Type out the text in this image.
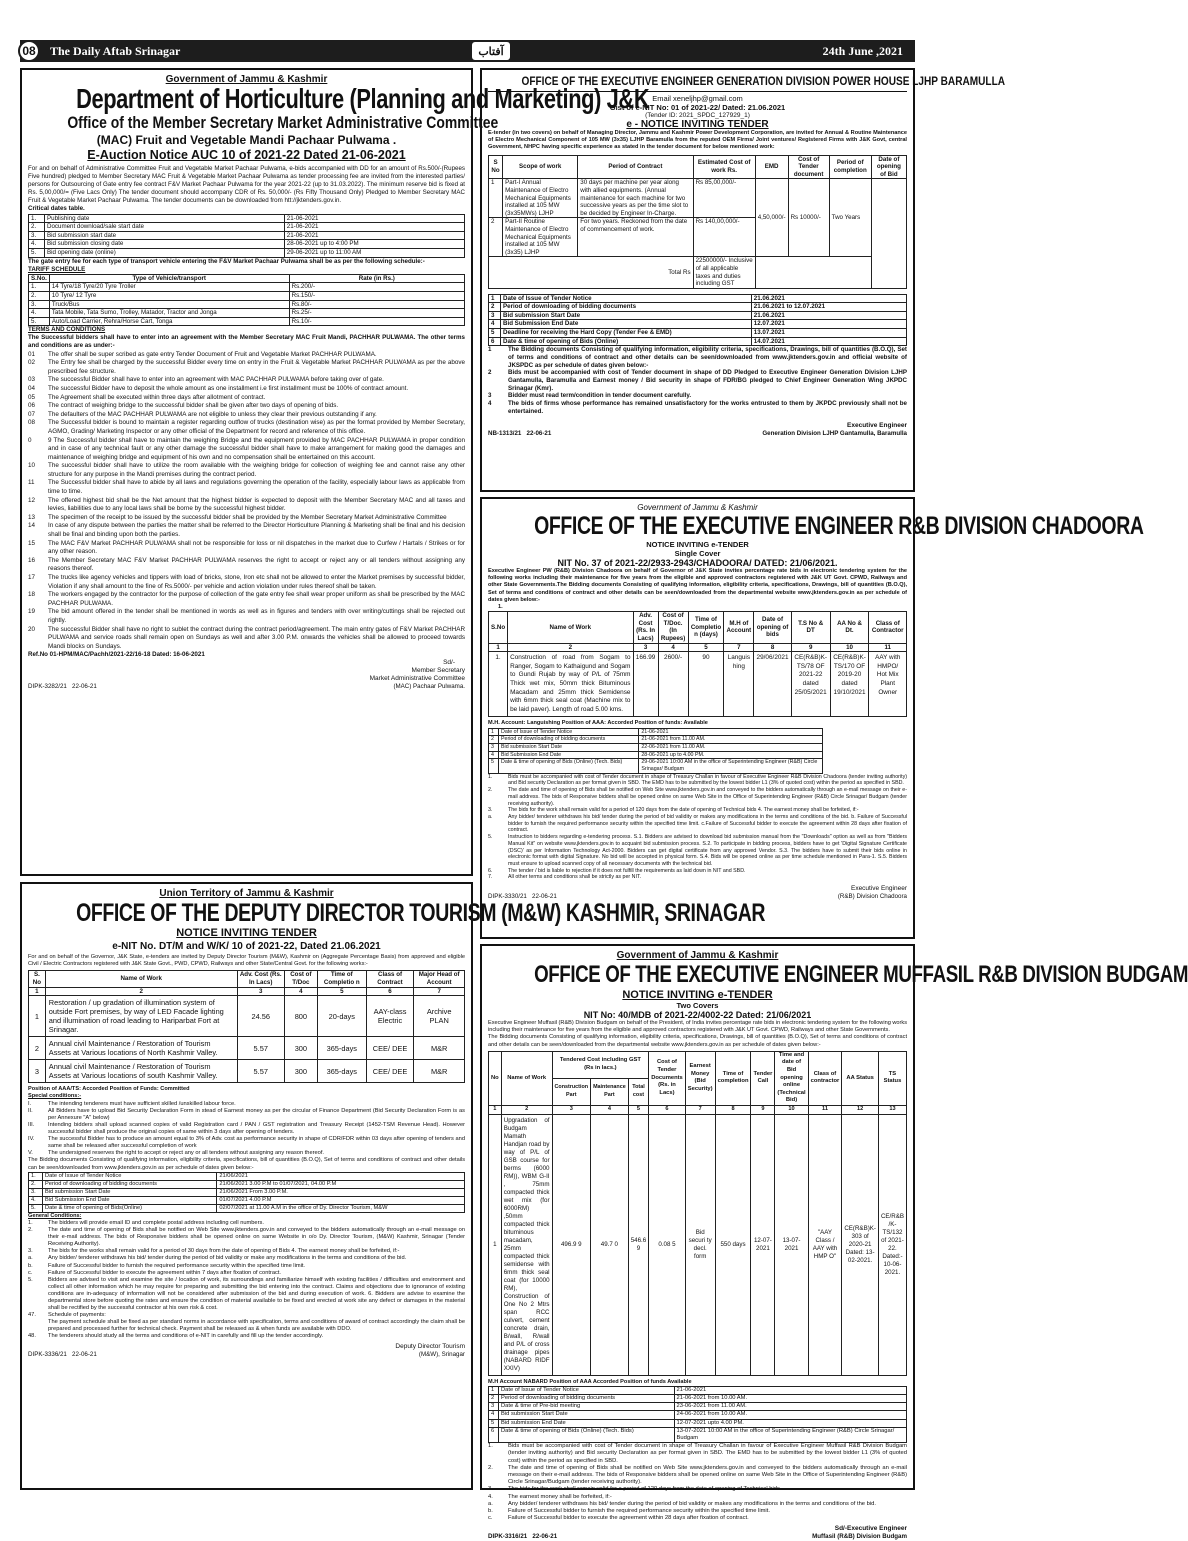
08	The Daily Aftab Srinagar	آفتاب	24th June ,2021
Government of Jammu & Kashmir
Department of Horticulture (Planning and Marketing) J&K
Office of the Member Secretary Market Administrative Committee
(MAC) Fruit and Vegetable Mandi Pachaar Pulwama .
E-Auction Notice AUC 10 of 2021-22 Dated 21-06-2021
For and on behalf of Administrative Committee Fruit and Vegetable Market Pachaar Pulwama, e-bids accompanied with DD for an amount of Rs.500/-(Rupees Five hundred) pledged to Member Secretary MAC Fruit & Vegetable Market Pachaar Pulwama as tender processing fee are invited from the interested parties/ persons for Outsourcing of Gate entry fee contract F&V Market Pachaar Pulwama for the year 2021-22 (up to 31.03.2022). The minimum reserve bid is fixed at Rs. 5,00,000/= (Five Lacs Only) The tender document should accompany CDR of Rs. 50,000/- (Rs Fifty Thousand Only) Pledged to Member Secretary MAC Fruit & Vegetable Market Pachaar Pulwama. The tender documents can be downloaded from htt://jktenders.gov.in.
Critical dates table.
1.	Publishing date	21-06-2021
2.	Document download/sale start date	21-06-2021
3.	Bid submission start date	21-06-2021
4.	Bid submission closing date	28-06-2021 up to 4:00 PM
5.	Bid opening date (online)	29-06-2021 up to 11:00 AM
The gate entry fee for each type of transport vehicle entering the F&V Market Pachaar Pulwama shall be as per the following schedule:-
TARIFF SCHEDULE
S.No.	Type of Vehicle/transport	Rate (in Rs.)
1.	14 Tyre/18 Tyre/20 Tyre Troller	Rs.200/-
2.	10 Tyre/ 12 Tyre	Rs.150/-
3.	Truck/Bus	Rs.80/-
4.	Tata Mobile, Tata Sumo, Trolley, Matador, Tractor and Jonga	Rs.25/-
5.	Auto/Load Carrier, Rehra/Horse Cart, Tonga	Rs.10/-
TERMS AND CONDITIONS
The Successful bidders shall have to enter into an agreement with the Member Secretary MAC Fruit Mandi, PACHHAR PULWAMA. The other terms and conditions are as under:-
01	The offer shall be super scribed as gate entry Tender Document of Fruit and Vegetable Market PACHHAR PULWAMA.
02	The Entry fee shall be charged by the successful Bidder every time on entry in the Fruit & Vegetable Market PACHHAR PULWAMA as per the above prescribed fee structure.
03	The successful Bidder shall have to enter into an agreement with MAC PACHHAR PULWAMA before taking over of gate.
04	The successful Bidder have to deposit the whole amount as one installment i.e first installment must be 100% of contract amount.
05	The Agreement shall be executed within three days after allotment of contract.
06	The contract of weighing bridge to the successful bidder shall be given after two days of opening of bids.
07	The defaulters of the MAC PACHHAR PULWAMA are not eligible to unless they clear their previous outstanding if any.
08	The Successful bidder is bound to maintain a register regarding outflow of trucks (destination wise) as per the format provided by Member Secretary, AGMO, Grading/ Marketing Inspector or any other official of the Department for record and reference of this office.
0	9 The Successful bidder shall have to maintain the weighing Bridge and the equipment provided by MAC PACHHAR PULWAMA in proper condition and in case of any technical fault or any other damage the successful bidder shall have to make arrangement for making good the damages and maintenance of weighing bridge and equipment of his own and no compensation shall be entertained on this account.
10	The successful bidder shall have to utilize the room available with the weighing bridge for collection of weighing fee and cannot raise any other structure for any purpose in the Mandi premises during the contract period.
11	The Successful bidder shall have to abide by all laws and regulations governing the operation of the facility, especially labour laws as applicable from time to time.
12	The offered highest bid shall be the Net amount that the highest bidder is expected to deposit with the Member Secretary MAC and all taxes and levies, liabilities due to any local laws shall be borne by the successful highest bidder.
13	The specimen of the receipt to be issued by the successful bidder shall be provided by the Member Secretary Market Administrative Committee
14	In case of any dispute between the parties the matter shall be referred to the Director Horticulture Planning & Marketing shall be final and his decision shall be final and binding upon both the parties.
15	The MAC F&V Market PACHHAR PULWAMA shall not be responsible for loss or nil dispatches in the market due to Curfew / Hartals / Strikes or for any other reason.
16	The Member Secretary MAC F&V Market PACHHAR PULWAMA reserves the right to accept or reject any or all tenders without assigning any reasons thereof.
17	The trucks like agency vehicles and tippers with load of bricks, stone, Iron etc shall not be allowed to enter the Market premises by successful bidder, Violation if any shall amount to the fine of Rs.5000/- per vehicle and action violation under rules thereof shall be taken.
18	The workers engaged by the contractor for the purpose of collection of the gate entry fee shall wear proper uniform as shall be prescribed by the MAC PACHHAR PULWAMA.
19	The bid amount offered in the tender shall be mentioned in words as well as in figures and tenders with over writing/cuttings shall be rejected out rightly.
20	The successful Bidder shall have no right to sublet the contract during the contract period/agreement. The main entry gates of F&V Market PACHHAR PULWAMA and service roads shall remain open on Sundays as well and after 3.00 P.M. onwards the vehicles shall be allowed to proceed towards Mandi blocks on Sundays.
Ref.No 01-HPM/MAC/Pachh/2021-22/16-18 Dated: 16-06-2021
Sd/-
Member Secretary
Market Administrative Committee
DIPK-3282/21 22-06-21	(MAC) Pachaar Pulwama.
Union Territory of Jammu & Kashmir
OFFICE OF THE DEPUTY DIRECTOR TOURISM (M&W) KASHMIR, SRINAGAR
NOTICE INVITING TENDER
e-NIT No. DT/M and W/K/ 10 of 2021-22, Dated 21.06.2021
For and on behalf of the Governor, J&K State, e-tenders are invited by Deputy Director Tourism (M&W), Kashmir on (Aggregate Percentage Basis) from approved and eligible Civil / Electric Contractors registered with J&K State Govt., PWD, CPWD, Railways and other State/Central Govt. for the following works:-
S. No	Name of Work	Adv. Cost (Rs. In Lacs)	Cost of T/Doc	Time of Completio n	Class of Contract	Major Head of Account
1	2	3	4	5	6	7
1	Restoration / up gradation of illumination system of outside Fort premises, by way of LED Facade lighting and illumination of road leading to Hariparbat Fort at Srinagar.	24.56	800	20-days	AAY-class Electric	Archive PLAN
2	Annual civil Maintenance / Restoration of Tourism Assets at Various locations of North Kashmir Valley.	5.57	300	365-days	CEE/ DEE	M&R
3	Annual civil Maintenance / Restoration of Tourism Assets at Various locations of south Kashmir Valley.	5.57	300	365-days	CEE/ DEE	M&R
Position of AAA/TS: Accorded Position of Funds: Committed
Special conditions:-
I.	The intending tenderers must have sufficient skilled /unskilled labour force.
II.	All Bidders have to upload Bid Security Declaration Form in stead of Earnest money as per the circular of Finance Department (Bid Security Declaration Form is as per Annexure "A" below)
III.	Intending bidders shall upload scanned copies of valid Registration card / PAN / GST registration and Treasury Receipt (1452-TSM Revenue Head). However successful bidder shall produce the original copies of same within 3 days after opening of tenders.
IV.	The successful Bidder has to produce an amount equal to 3% of Adv. cost as performance security in shape of CDR/FDR within 03 days after opening of tenders and same shall be released after successful completion of work
V.	The undersigned reserves the right to accept or reject any or all tenders without assigning any reason thereof.
The Bidding documents Consisting of qualifying information, eligibility criteria, specifications, bill of quantities (B.O.Q), Set of terms and conditions of contract and other details can be seen/downloaded from www.jktenders.gov.in as per schedule of dates given below:-
1.	Date of Issue of Tender Notice	21/06/2021
2.	Period of downloading of bidding documents	21/06/2021 3.00 P.M to 01/07/2021, 04.00 P.M
3.	Bid submission Start Date	21/06/2021 From 3.00 P.M.
4.	Bid Submission End Date	01/07/2021 4.00 P.M
5.	Date & time of opening of Bids(Online)	02/07/2021 at 11.00 A.M in the office of Dy. Director Tourism, M&W
General Conditions:
1.	The bidders will provide email ID and complete postal address including cell numbers.
2.	The date and time of opening of Bids shall be notified on Web Site www.jktenders.gov.in and conveyed to the bidders automatically through an e-mail message on their e-mail address. The bids of Responsive bidders shall be opened online on same Website in o/o Dy. Director Tourism, (M&W) Kashmir, Srinagar (Tender Receiving Authority).
3.	The bids for the works shall remain valid for a period of 30 days from the date of opening of Bids 4. The earnest money shall be forfeited, if:-
a.	Any bidder/ tenderer withdraws his bid/ tender during the period of bid validity or make any modifications in the terms and conditions of the bid.
b.	Failure of Successful bidder to furnish the required performance security within the specified time limit.
c.	Failure of Successful bidder to execute the agreement within 7 days after fixation of contract.
5.	Bidders are advised to visit and examine the site / location of work, its surroundings and familiarize himself with existing facilities / difficulties and environment and collect all other information which he may require for preparing and submitting the bid entering into the contract. Claims and objections due to ignorance of existing conditions are in-adequacy of information will not be considered after submission of the bid and during execution of work. 6. Bidders are advise to examine the departmental store before quoting the rates and ensure the condition of material available to be fixed and erected at work site any defect or damages in the material shall be rectified by the successful contractor at his own risk & cost.
47.	Schedule of payments:
The payment schedule shall be fixed as per standard norms in accordance with specification, terms and conditions of award of contract accordingly the claim shall be prepared and processed further for technical check. Payment shall be released as & when funds are available with DDO.
48.	The tenderers should study all the terms and conditions of e-NIT in carefully and fill up the tender accordingly.
Deputy Director Tourism
DIPK-3336/21 22-06-21	(M&W), Srinagar
OFFICE OF THE EXECUTIVE ENGINEER GENERATION DIVISION POWER HOUSE LJHP BARAMULLA
Email xeneljhp@gmail.com
Gist of e-NIT No: 01 of 2021-22/ Dated: 21.06.2021
(Tender ID: 2021_SPDC_127929_1)
e - NOTICE INVITING TENDER
E-tender (in two covers) on behalf of Managing Director, Jammu and Kashmir Power Development Corporation, are invited for Annual & Routine Maintenance of Electro Mechanical Component of 105 MW (3x35) LJHP Baramulla from the reputed OEM Firms/ Joint ventures/ Registered Firms with J&K Govt, central Government, NHPC having specific experience as stated in the tender document for below mentioned work:
S No	Scope of work	Period of Contract	Estimated Cost of work Rs.	EMD	Cost of Tender document	Period of completion	Date of opening of Bid
1	Part-I Annual Maintenance of Electro Mechanical Equipments installed at 105 MW (3x35MWs) LJHP	30 days per machine per year along with allied equipments. (Annual maintenance for each machine for two successive years as per the time slot to be decided by Engineer In-Charge.	Rs 85,00,000/-	4,50,000/-	Rs 10000/-	Two Years	
2	Part-II Routine Maintenance of Electro Mechanical Equipments installed at 105 MW (3x35) LJHP	For two years. Reckoned from the date of commencement of work.	Rs 140,00,000/-				
Total Rs			22500000/- Inclusive of all applicable taxes and duties including GST				
1	Date of Issue of Tender Notice	21.06.2021
2	Period of downloading of bidding documents	21.06.2021 to 12.07.2021
3	Bid submission Start Date	21.06.2021
4	Bid Submission End Date	12.07.2021
5	Deadline for receiving the Hard Copy (Tender Fee & EMD)	13.07.2021
6	Date & time of opening of Bids (Online)	14.07.2021
1	The Bidding documents Consisting of qualifying information, eligibility criteria, specifications, Drawings, bill of quantities (B.O.Q), Set of terms and conditions of contract and other details can be seen/downloaded from www.jktenders.gov.in and official website of JKSPDC as per schedule of dates given below:-
2	Bids must be accompanied with cost of Tender document in shape of DD Pledged to Executive Engineer Generation Division LJHP Gantamulla, Baramulla and Earnest money / Bid security in shape of FDR/BG pledged to Chief Engineer Generation Wing JKPDC Srinagar (Kmr).
3	Bidder must read term/condition in tender document carefully.
4	The bids of firms whose performance has remained unsatisfactory for the works entrusted to them by JKPDC previously shall not be entertained.
Executive Engineer
NB-1313/21 22-06-21	Generation Division LJHP Gantamulla, Baramulla
Government of Jammu & Kashmir
OFFICE OF THE EXECUTIVE ENGINEER R&B DIVISION CHADOORA
NOTICE INVITING e-TENDER
Single Cover
NIT No. 37 of 2021-22/2933-2943/CHADOORA/ DATED: 21/06/2021.
Executive Engineer PW (R&B) Division Chadoora on behalf of Governor of J&K State invites percentage rate bids in electronic tendering system for the following works including their maintenance for five years from the eligible and approved contractors registered with J&K UT Govt. CPWD, Railways and other State Governments.The Bidding documents Consisting of qualifying information, eligibility criteria, specifications, Drawings, bill of quantities (B.O.Q), Set of terms and conditions of contract and other details can be seen/downloaded from the departmental website www.jktenders.gov.in as per schedule of dates given below:-
1.
S.No	Name of Work	Adv. Cost (Rs. In Lacs)	Cost of T/Doc. (In Rupees)	Time of Completio n (days)	M.H of Account	Date of opening of bids	T.S No & DT	AA No & Dt.	Class of Contractor
1	2	3	4	5	7	8	9	10	11
1.	Construction of road from Sogam to Ranger, Sogam to Kathaigund and Sogam to Gundi Rujab by way of P/L of 75mm Thick wet mix, 50mm thick Bituminous Macadam and 25mm thick Semidense with 6mm thick seal coat (Machine mix to be laid paver). Length of road 5.00 kms.	166.99	2600/-	90	Languis hing	29/06/2021	CE(R&B)K-TS/78 OF 2021-22 dated 25/05/2021	CE(R&B)K-TS/170 OF 2019-20 dated 19/10/2021	AAY with HMPO/ Hot Mix Plant Owner
M.H. Account: Languishing Position of AAA: Accorded Position of funds: Available
1	Date of Issue of Tender Notice	21-06-2021
2	Period of downloading of bidding documents	21-06-2021 from 11.00 AM.
3	Bid submission Start Date	22-06-2021 from 11.00 AM.
4	Bid Submission End Date	28-06-2021 up to 4.00 PM.
5	Date & time of opening of Bids (Online) (Tech. Bids)	29-06-2021 10:00 AM in the office of Superintending Engineer (R&B) Circle Srinagar/ Budgam
1.	Bids must be accompanied with cost of Tender document in shape of Treasury Challan in favour of Executive Engineer R&B Division Chadoora (tender inviting authority) and Bid security Declaration as per format given in SBD. The EMD has to be submitted by the lowest bidder L1 (3% of quoted cost) within the period as specified in SBD.
2.	The date and time of opening of Bids shall be notified on Web Site www.jktenders.gov.in and conveyed to the bidders automatically through an e-mail message on their e-mail address. The bids of Responsive bidders shall be opened online on same Web Site in the Office of Superintending Engineer (R&B) Circle Srinagar/ Budgam (tender receiving authority).
3.	The bids for the work shall remain valid for a period of 120 days from the date of opening of Technical bids 4. The earnest money shall be forfeited, if:-
a.	Any bidder/ tenderer withdraws his bid/ tender during the period of bid validity or makes any modifications in the terms and conditions of the bid. b. Failure of Successful bidder to furnish the required performance security within the specified time limit. c.Failure of Successful bidder to execute the agreement within 28 days after fixation of contract.
5.	Instruction to bidders regarding e-tendering process. S.1. Bidders are advised to download bid submission manual from the "Downloads" option as well as from "Bidders Manual Kit" on website www.jktenders.gov.in to acquaint bid submission process. S.2. To participate in bidding process, bidders have to get 'Digital Signature Certificate (DSC)' as per Information Technology Act-2000. Bidders can get digital certificate from any approved Vendor. S.3. The bidders have to submit their bids online in electronic format with digital Signature. No bid will be accepted in physical form. S.4. Bids will be opened online as per time schedule mentioned in Para-1. S.5. Bidders must ensure to upload scanned copy of all necessary documents with the technical bid.
6.	The tender / bid is liable to rejection if it does not fulfill the requirements as laid down in NIT and SBD.
7.	All other terms and conditions shall be strictly as per NIT.
Executive Engineer
DIPK-3330/21 22-06-21	(R&B) Division Chadoora
Government of Jammu & Kashmir
OFFICE OF THE EXECUTIVE ENGINEER MUFFASIL R&B DIVISION BUDGAM
NOTICE INVITING e-TENDER
Two Covers
NIT No: 40/MDB of 2021-22/4002-22 Dated: 21/06/2021
Executive Engineer Muffasil (R&B) Division Budgam on behalf of the President, of India invites percentage rate bids in electronic tendering system for the following works including their maintenance for five years from the eligible and approved contractors registered with J&K UT Govt. CPWD, Railways and other State Governments.
The Bidding documents Consisting of qualifying information, eligibility criteria, specifications, Drawings, bill of quantities (B.O.Q), Set of terms and conditions of contract and other details can be seen/downloaded from the departmental website www.jktenders.gov.in as per schedule of dates given below:-
No	Name of Work	Tendered Cost including GST (Rs in lacs.)			Cost of Tender Documents (Rs. in Lacs)	Earnest Money (Bid Security)	Time of completion	Tender Call	Time and date of Bid opening online (Technical Bid)	Class of contractor	AA Status	TS Status
		Construction Part	Maintenance Part	Total cost								
1	2	3	4	5	6	7	8	9	10	11	12	13
1	Upgradation of Budgam Mamath Handjan road by way of P/L of GSB course for berms (6000 RM)), WBM G-II , 75mm compacted thick wet mix (for 6000RM) ,50mm compacted thick bituminous macadam, 25mm compacted thick semidense with 6mm thick seal coat (for 10000 RM), Construction of One No 2 Mtrs span RCC culvert, cement concrete drain, B/wall, R/wall and P/L of cross drainage pipes (NABARD RIDF XXIV)	496.9 9	49.7 0	546.6 9	0.08 5	Bid securi ty decl. form	550 days	12-07-2021	13-07-2021	"AAY Class / AAY with HMP O"	CE(R&B)K-303 of 2020-21 Dated: 13-02-2021.	CE/R&B /K-TS/132 of 2021-22. Dated:- 10-06-2021.
M.H Account NABARD Position of AAA Accorded Position of funds Available
1	Date of Issue of Tender Notice	21-06-2021
2	Period of downloading of bidding documents	21-06-2021 from 10.00 AM.
3	Date & time of Pre-bid meeting	23-06-2021 from 11.00 AM.
4	Bid submission Start Date	24-06-2021 from 10.00 AM.
5	Bid submission End Date	12-07-2021 upto 4.00 PM.
6	Date & time of opening of Bids (Online) (Tech. Bids)	13-07-2021 10:00 AM in the office of Superintending Engineer (R&B) Circle Srinagar/ Budgam
1.	Bids must be accompanied with cost of Tender document in shape of Treasury Challan in favour of Executive Engineer Muffasil R&B Division Budgam (tender inviting authority) and Bid security Declaration as per format given in SBD. The EMD has to be submitted by the lowest bidder L1 (3% of quoted cost) within the period as specified in SBD.
2.	The date and time of opening of Bids shall be notified on Web Site www.jktenders.gov.in and conveyed to the bidders automatically through an e-mail message on their e-mail address. The bids of Responsive bidders shall be opened online on same Web Site in the Office of Superintending Engineer (R&B) Circle Srinagar/Budgam (tender receiving authority).
3.	The bids for the work shall remain valid for a period of 120 days from the date of opening of Technical bids
4.	The earnest money shall be forfeited, if:-
a.	Any bidder/ tenderer withdraws his bid/ tender during the period of bid validity or makes any modifications in the terms and conditions of the bid.
b.	Failure of Successful bidder to furnish the required performance security within the specified time limit.
c.	Failure of Successful bidder to execute the agreement within 28 days after fixation of contract.
Sd/-Executive Engineer
DIPK-3316/21 22-06-21	Muffasil (R&B) Division Budgam
